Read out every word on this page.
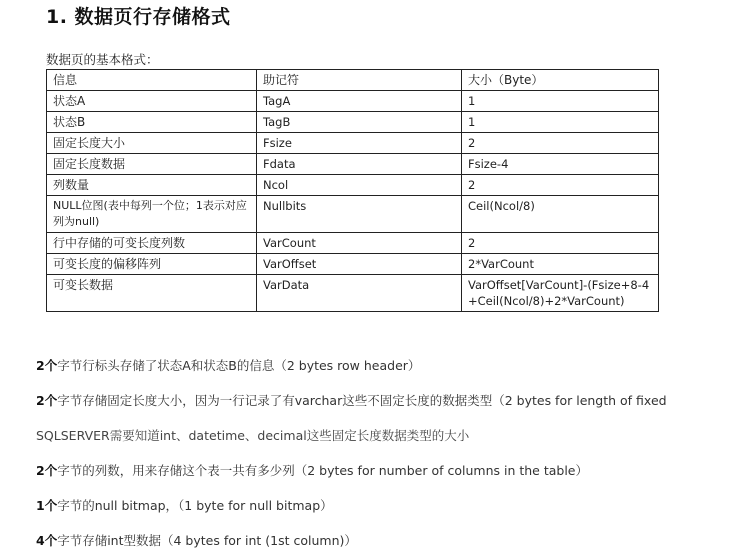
1. 数据页行存储格式
数据页的基本格式：
信息	助记符	大小（Byte）
状态A	TagA	1
状态B	TagB	1
固定长度大小	Fsize	2
固定长度数据	Fdata	Fsize-4
列数量	Ncol	2
NULL位图(表中每列一个位；1表示对应列为null)	Nullbits	Ceil(Ncol/8)
行中存储的可变长度列数	VarCount	2
可变长度的偏移阵列	VarOffset	2*VarCount
可变长数据	VarData	VarOffset[VarCount]-(Fsize+8-4+Ceil(Ncol/8)+2*VarCount)
2个字节行标头存储了状态A和状态B的信息（2 bytes row header）
2个字节存储固定长度大小，因为一行记录了有varchar这些不固定长度的数据类型（2 bytes for length of fixed
SQLSERVER需要知道int、datetime、decimal这些固定长度数据类型的大小
2个字节的列数，用来存储这个表一共有多少列（2 bytes for number of columns in the table）
1个字节的null bitmap，（1 byte for null bitmap）
4个字节存储int型数据（4 bytes for int (1st column)）
